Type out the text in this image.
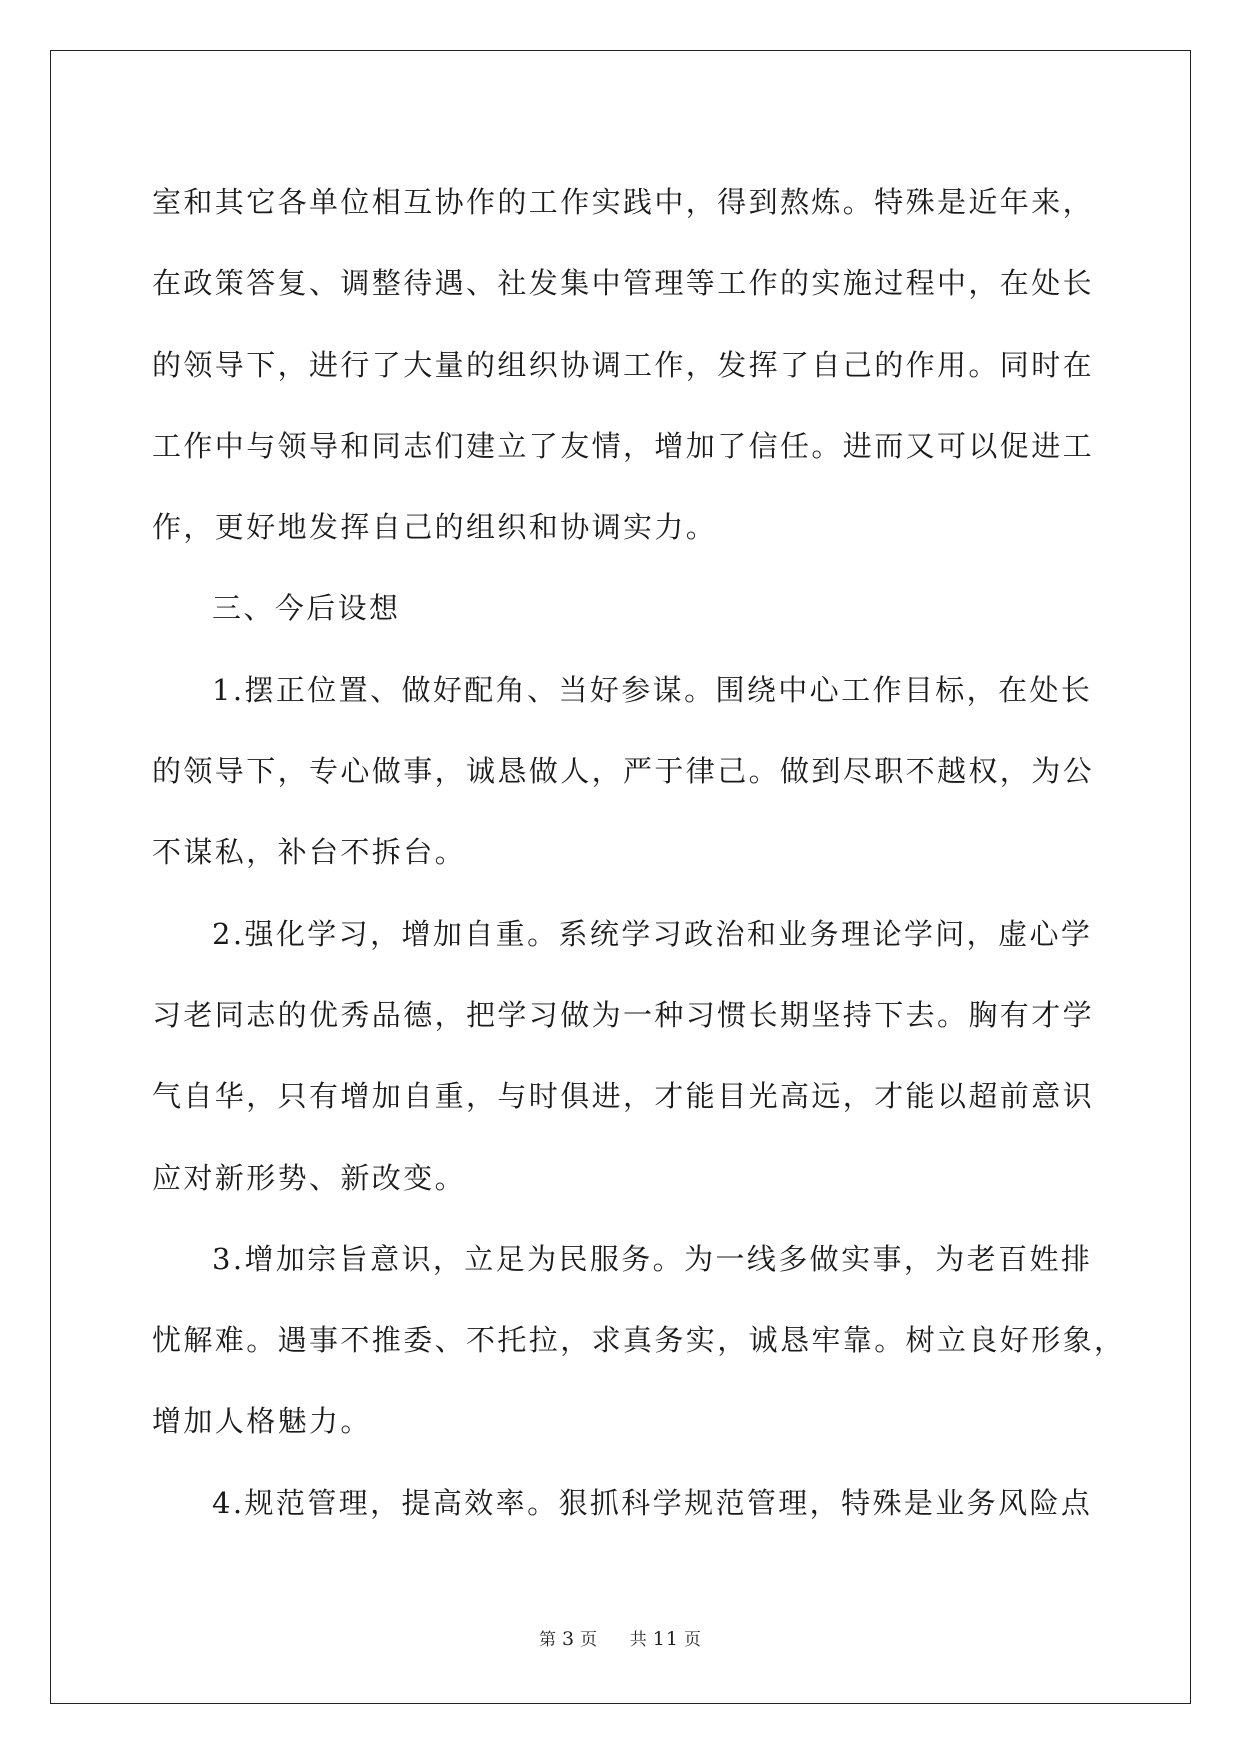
室和其它各单位相互协作的工作实践中，得到熬炼。特殊是近年来，
在政策答复、调整待遇、社发集中管理等工作的实施过程中，在处长
的领导下，进行了大量的组织协调工作，发挥了自己的作用。同时在
工作中与领导和同志们建立了友情，增加了信任。进而又可以促进工
作，更好地发挥自己的组织和协调实力。
三、今后设想
1.摆正位置、做好配角、当好参谋。围绕中心工作目标，在处长
的领导下，专心做事，诚恳做人，严于律己。做到尽职不越权，为公
不谋私，补台不拆台。
2.强化学习，增加自重。系统学习政治和业务理论学问，虚心学
习老同志的优秀品德，把学习做为一种习惯长期坚持下去。胸有才学
气自华，只有增加自重，与时俱进，才能目光高远，才能以超前意识
应对新形势、新改变。
3.增加宗旨意识，立足为民服务。为一线多做实事，为老百姓排
忧解难。遇事不推委、不托拉，求真务实，诚恳牢靠。树立良好形象，
增加人格魅力。
4.规范管理，提高效率。狠抓科学规范管理，特殊是业务风险点
第 3 页 共 11 页
